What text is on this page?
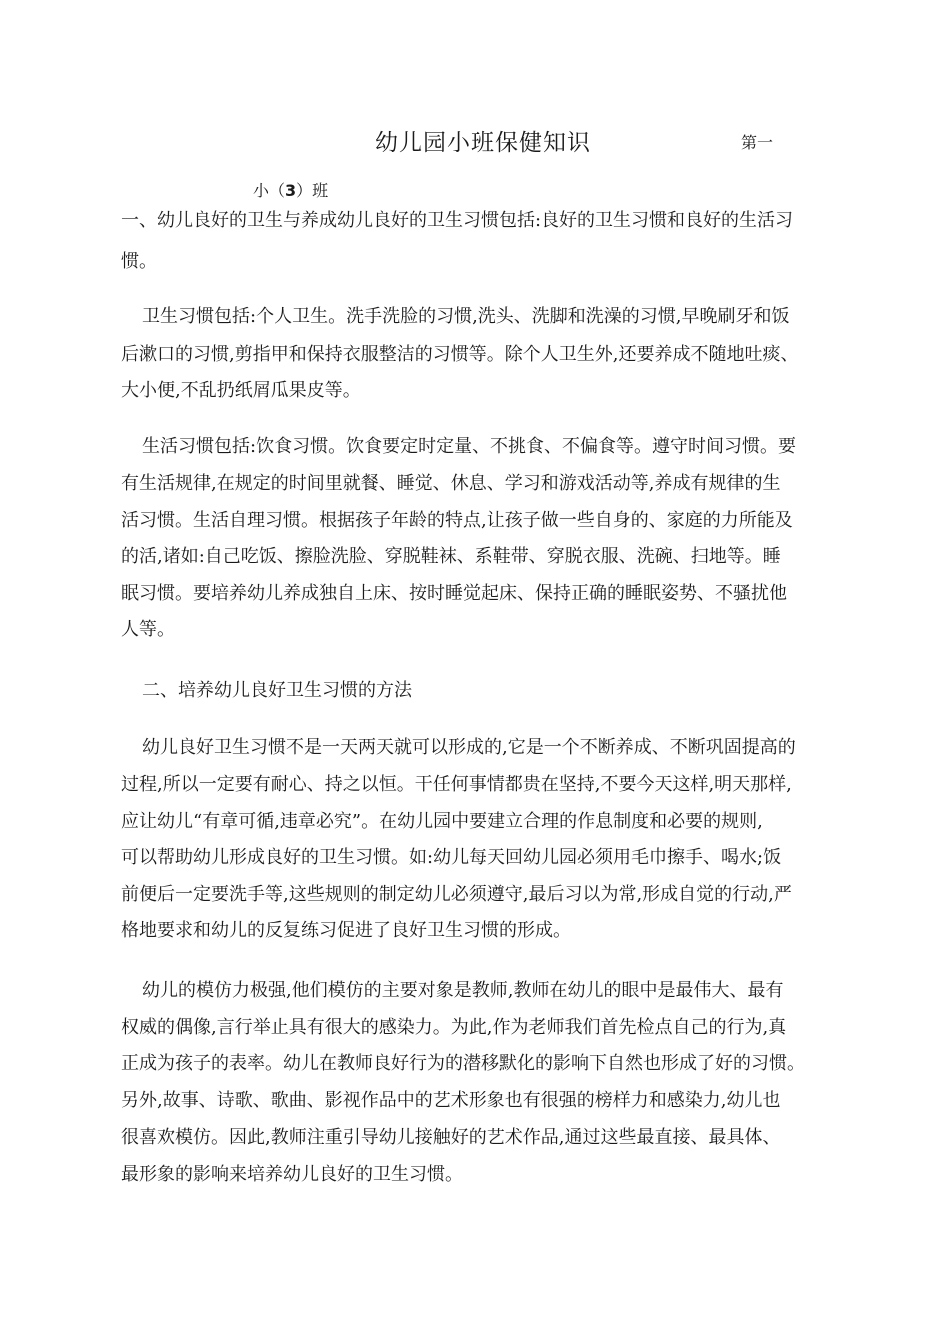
幼儿园小班保健知识	第一
小（3）班
一、幼儿良好的卫生与养成幼儿良好的卫生习惯包括:良好的卫生习惯和良好的生活习
惯。
卫生习惯包括:个人卫生。洗手洗脸的习惯,洗头、洗脚和洗澡的习惯,早晚刷牙和饭
后漱口的习惯,剪指甲和保持衣服整洁的习惯等。除个人卫生外,还要养成不随地吐痰、
大小便,不乱扔纸屑瓜果皮等。
生活习惯包括:饮食习惯。饮食要定时定量、不挑食、不偏食等。遵守时间习惯。要
有生活规律,在规定的时间里就餐、睡觉、休息、学习和游戏活动等,养成有规律的生
活习惯。生活自理习惯。根据孩子年龄的特点,让孩子做一些自身的、家庭的力所能及
的活,诸如:自己吃饭、擦脸洗脸、穿脱鞋袜、系鞋带、穿脱衣服、洗碗、扫地等。睡
眠习惯。要培养幼儿养成独自上床、按时睡觉起床、保持正确的睡眠姿势、不骚扰他
人等。
二、培养幼儿良好卫生习惯的方法
幼儿良好卫生习惯不是一天两天就可以形成的,它是一个不断养成、不断巩固提高的
过程,所以一定要有耐心、持之以恒。干任何事情都贵在坚持,不要今天这样,明天那样,
应让幼儿“有章可循,违章必究”。在幼儿园中要建立合理的作息制度和必要的规则,
可以帮助幼儿形成良好的卫生习惯。如:幼儿每天回幼儿园必须用毛巾擦手、喝水;饭
前便后一定要洗手等,这些规则的制定幼儿必须遵守,最后习以为常,形成自觉的行动,严
格地要求和幼儿的反复练习促进了良好卫生习惯的形成。
幼儿的模仿力极强,他们模仿的主要对象是教师,教师在幼儿的眼中是最伟大、最有
权威的偶像,言行举止具有很大的感染力。为此,作为老师我们首先检点自己的行为,真
正成为孩子的表率。幼儿在教师良好行为的潜移默化的影响下自然也形成了好的习惯。
另外,故事、诗歌、歌曲、影视作品中的艺术形象也有很强的榜样力和感染力,幼儿也
很喜欢模仿。因此,教师注重引导幼儿接触好的艺术作品,通过这些最直接、最具体、
最形象的影响来培养幼儿良好的卫生习惯。
